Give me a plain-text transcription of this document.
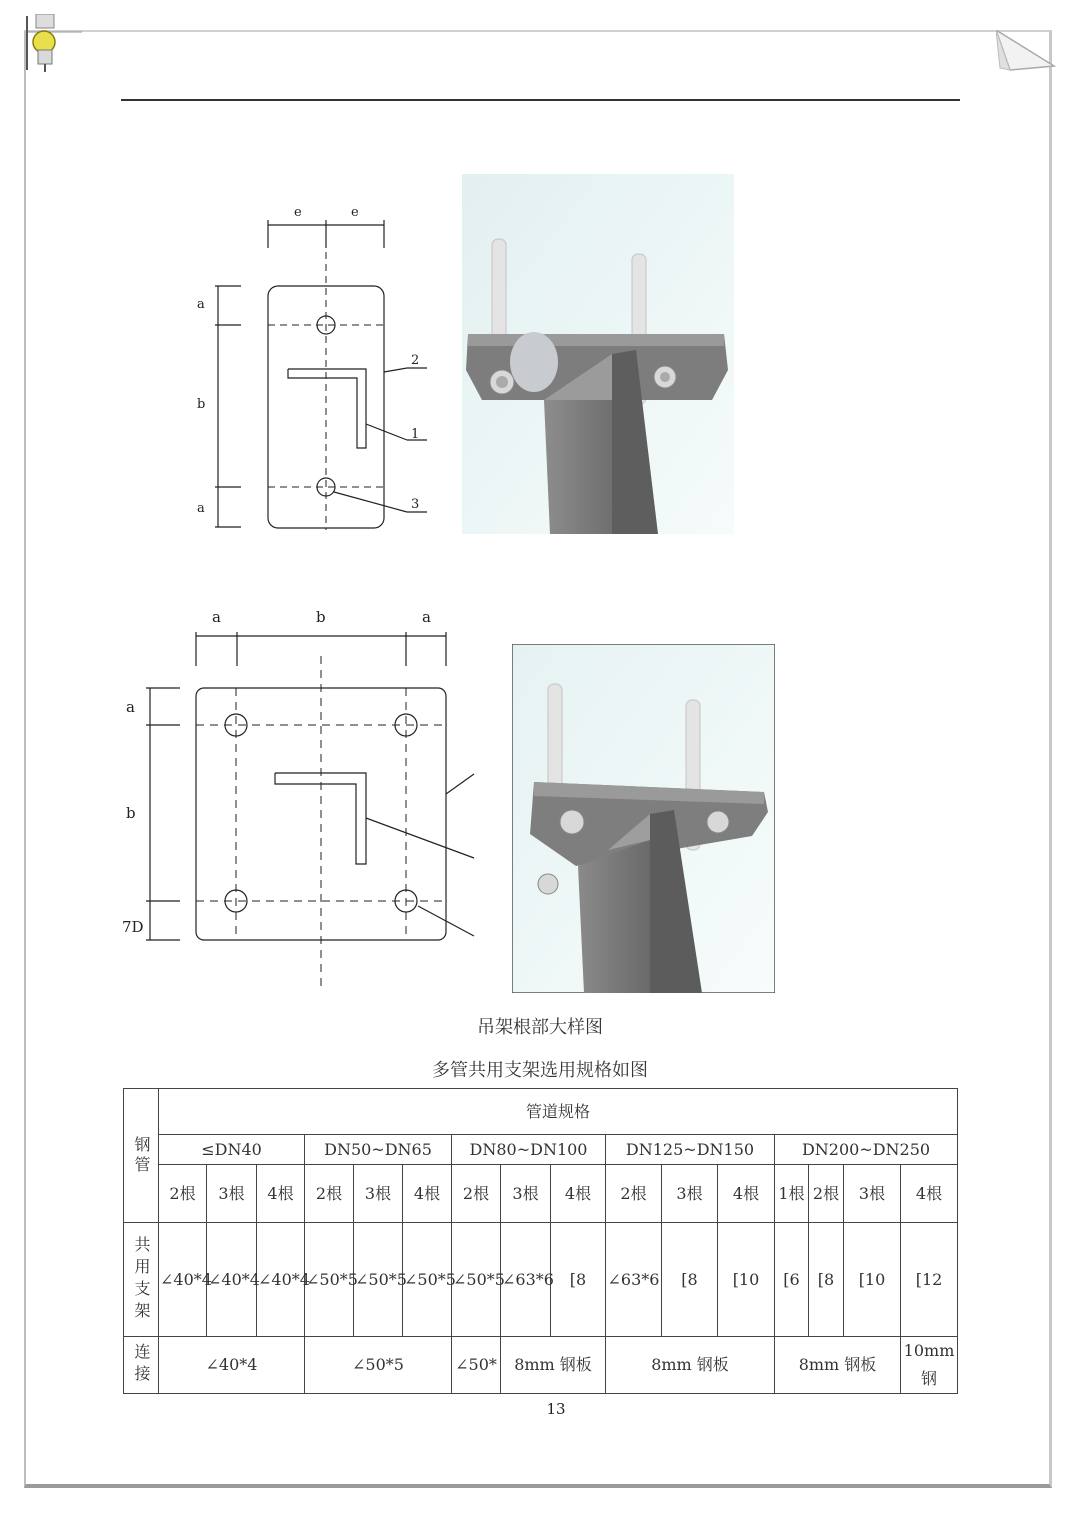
e	e
a
b
a
2
1
3
a	b	a
a
b
7D
吊架根部大样图
多管共用支架选用规格如图
钢管	管道规格															
	≤DN40			DN50~DN65			DN80~DN100			DN125~DN150			DN200~DN250			
	2根	3根	4根	2根	3根	4根	2根	3根	4根	2根	3根	4根	1根	2根	3根	4根

共用支架	∠40*4	∠40*4	∠40*4	∠50*5	∠50*5	∠50*5	∠50*5	∠63*6	[8	∠63*6	[8	[10	[6	[8	[10	[12

连接	∠40*4			∠50*5			∠50*	8mm 钢板		8mm 钢板			8mm 钢板			10mm 钢
13
